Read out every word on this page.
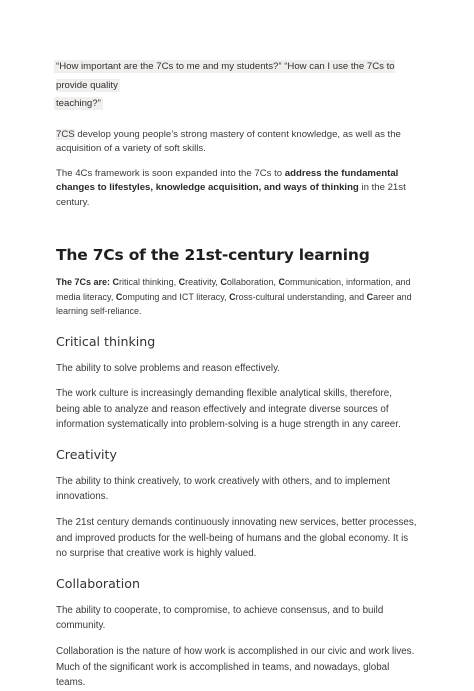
“How important are the 7Cs to me and my students?” “How can I use the 7Cs to provide quality
teaching?”

7CS develop young people’s strong mastery of content knowledge, as well as the acquisition of a variety of soft skills.

The 4Cs framework is soon expanded into the 7Cs to address the fundamental changes to lifestyles, knowledge acquisition, and ways of thinking in the 21st century.

The 7Cs of the 21st-century learning

The 7Cs are: Critical thinking, Creativity, Collaboration, Communication, information, and media literacy, Computing and ICT literacy, Cross-cultural understanding, and Career and learning self-reliance.

Critical thinking

The ability to solve problems and reason effectively.

The work culture is increasingly demanding flexible analytical skills, therefore, being able to analyze and reason effectively and integrate diverse sources of information systematically into problem-solving is a huge strength in any career.

Creativity

The ability to think creatively, to work creatively with others, and to implement innovations.

The 21st century demands continuously innovating new services, better processes, and improved products for the well-being of humans and the global economy. It is no surprise that creative work is highly valued.

Collaboration

The ability to cooperate, to compromise, to achieve consensus, and to build community.

Collaboration is the nature of how work is accomplished in our civic and work lives. Much of the significant work is accomplished in teams, and nowadays, global teams.
